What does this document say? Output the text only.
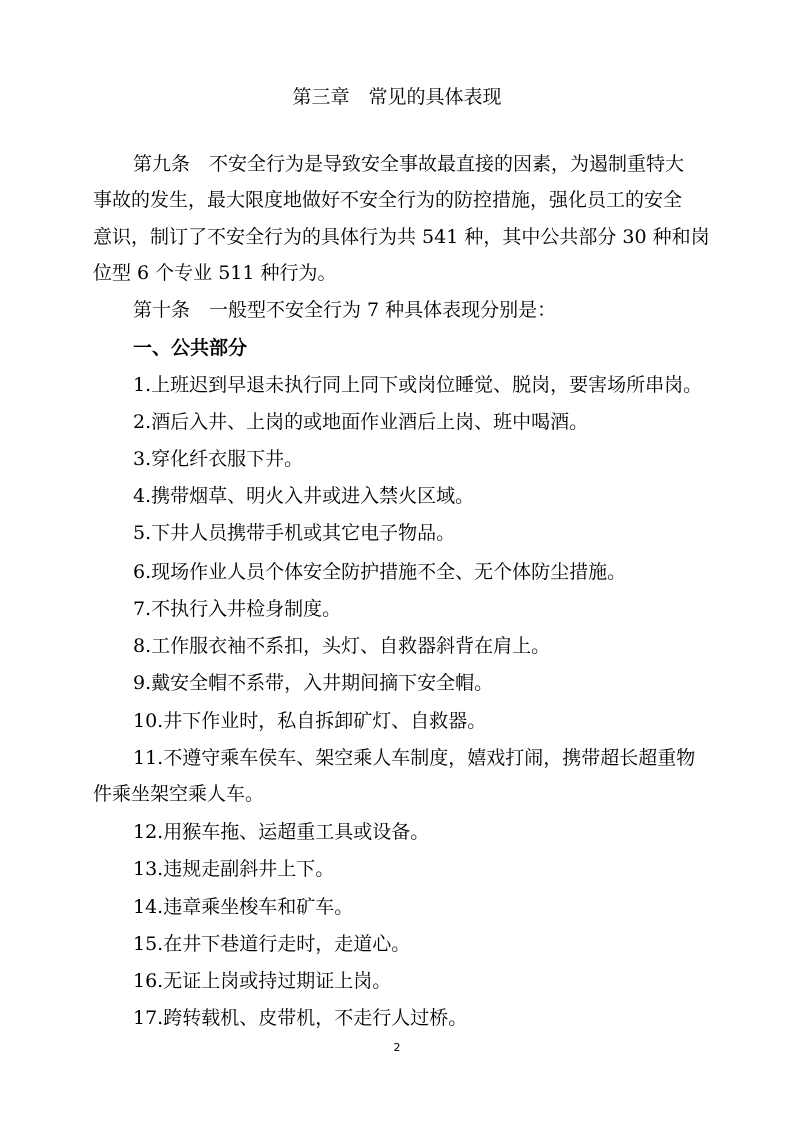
第三章　常见的具体表现
第九条　不安全行为是导致安全事故最直接的因素，为遏制重特大
事故的发生，最大限度地做好不安全行为的防控措施，强化员工的安全
意识，制订了不安全行为的具体行为共 541 种，其中公共部分 30 种和岗
位型 6 个专业 511 种行为。
第十条　一般型不安全行为 7 种具体表现分别是：
一、公共部分
1.上班迟到早退未执行同上同下或岗位睡觉、脱岗，要害场所串岗。
2.酒后入井、上岗的或地面作业酒后上岗、班中喝酒。
3.穿化纤衣服下井。
4.携带烟草、明火入井或进入禁火区域。
5.下井人员携带手机或其它电子物品。
6.现场作业人员个体安全防护措施不全、无个体防尘措施。
7.不执行入井检身制度。
8.工作服衣袖不系扣，头灯、自救器斜背在肩上。
9.戴安全帽不系带，入井期间摘下安全帽。
10.井下作业时，私自拆卸矿灯、自救器。
11.不遵守乘车侯车、架空乘人车制度，嬉戏打闹，携带超长超重物
件乘坐架空乘人车。
12.用猴车拖、运超重工具或设备。
13.违规走副斜井上下。
14.违章乘坐梭车和矿车。
15.在井下巷道行走时，走道心。
16.无证上岗或持过期证上岗。
17.跨转载机、皮带机，不走行人过桥。
2
